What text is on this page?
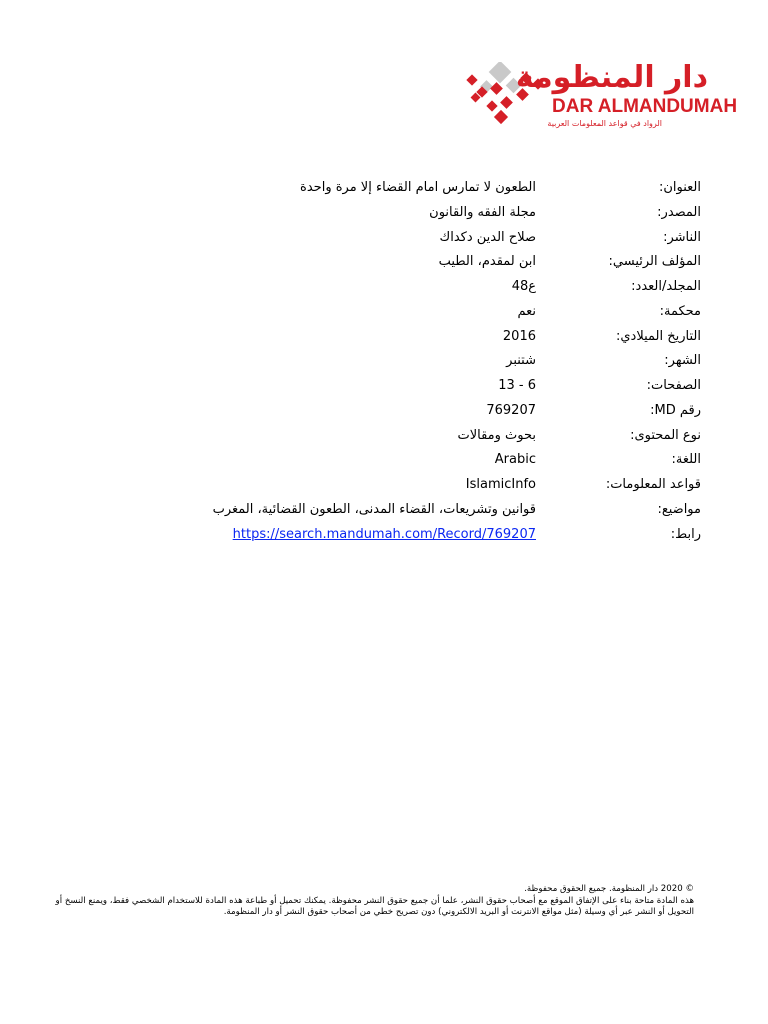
دار المنظومة
DAR ALMANDUMAH
الرواد في قواعد المعلومات العربية
العنوان:
الطعون لا تمارس امام القضاء إلا مرة واحدة
المصدر:
مجلة الفقه والقانون
الناشر:
صلاح الدين دكداك
المؤلف الرئيسي:
ابن لمقدم، الطيب
المجلد/العدد:
ع48
محكمة:
نعم
التاريخ الميلادي:
2016
الشهر:
شتنبر
الصفحات:
6 - 13
رقم MD:
769207
نوع المحتوى:
بحوث ومقالات
اللغة:
Arabic
قواعد المعلومات:
IslamicInfo
مواضيع:
قوانين وتشريعات، القضاء المدنى، الطعون القضائية، المغرب
رابط:
https://search.mandumah.com/Record/769207
© 2020 دار المنظومة. جميع الحقوق محفوظة.
هذه المادة متاحة بناء على الإتفاق الموقع مع أصحاب حقوق النشر، علما أن جميع حقوق النشر محفوظة. يمكنك تحميل أو طباعة هذه المادة للاستخدام الشخصي فقط، ويمنع النسخ أو التحويل أو النشر عبر أي وسيلة (مثل مواقع الانترنت أو البريد الالكتروني) دون تصريح خطي من أصحاب حقوق النشر أو دار المنظومة.
